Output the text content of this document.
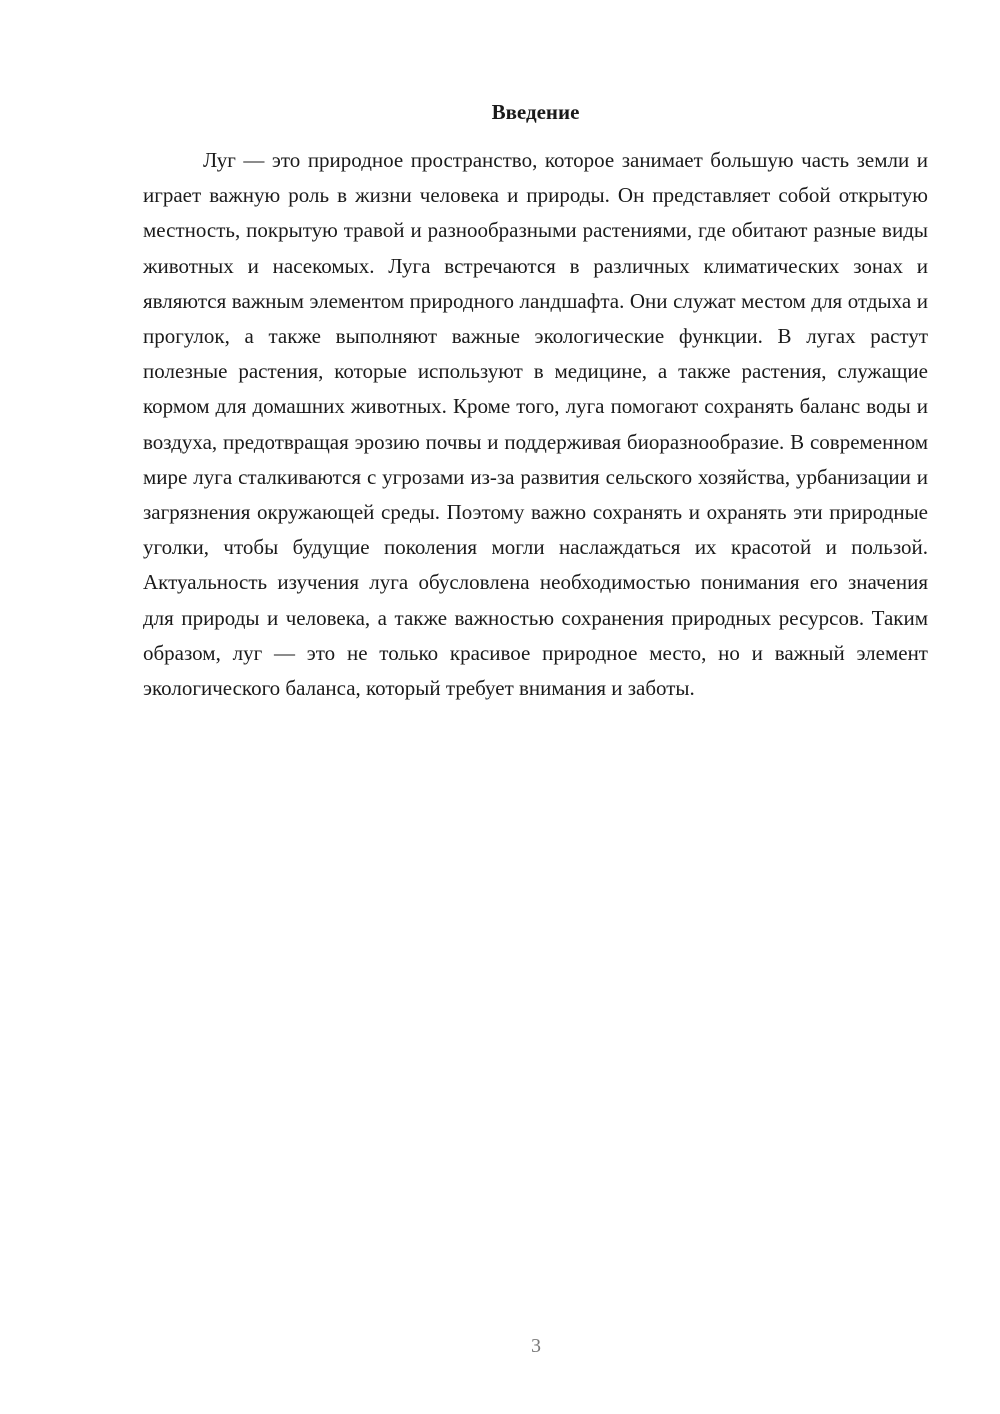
Введение

Луг — это природное пространство, которое занимает большую часть земли и играет важную роль в жизни человека и природы. Он представляет собой открытую местность, покрытую травой и разнообразными растениями, где обитают разные виды животных и насекомых. Луга встречаются в различных климатических зонах и являются важным элементом природного ландшафта. Они служат местом для отдыха и прогулок, а также выполняют важные экологические функции. В лугах растут полезные растения, которые используют в медицине, а также растения, служащие кормом для домашних животных. Кроме того, луга помогают сохранять баланс воды и воздуха, предотвращая эрозию почвы и поддерживая биоразнообразие. В современном мире луга сталкиваются с угрозами из-за развития сельского хозяйства, урбанизации и загрязнения окружающей среды. Поэтому важно сохранять и охранять эти природные уголки, чтобы будущие поколения могли наслаждаться их красотой и пользой. Актуальность изучения луга обусловлена необходимостью понимания его значения для природы и человека, а также важностью сохранения природных ресурсов. Таким образом, луг — это не только красивое природное место, но и важный элемент экологического баланса, который требует внимания и заботы.

3
